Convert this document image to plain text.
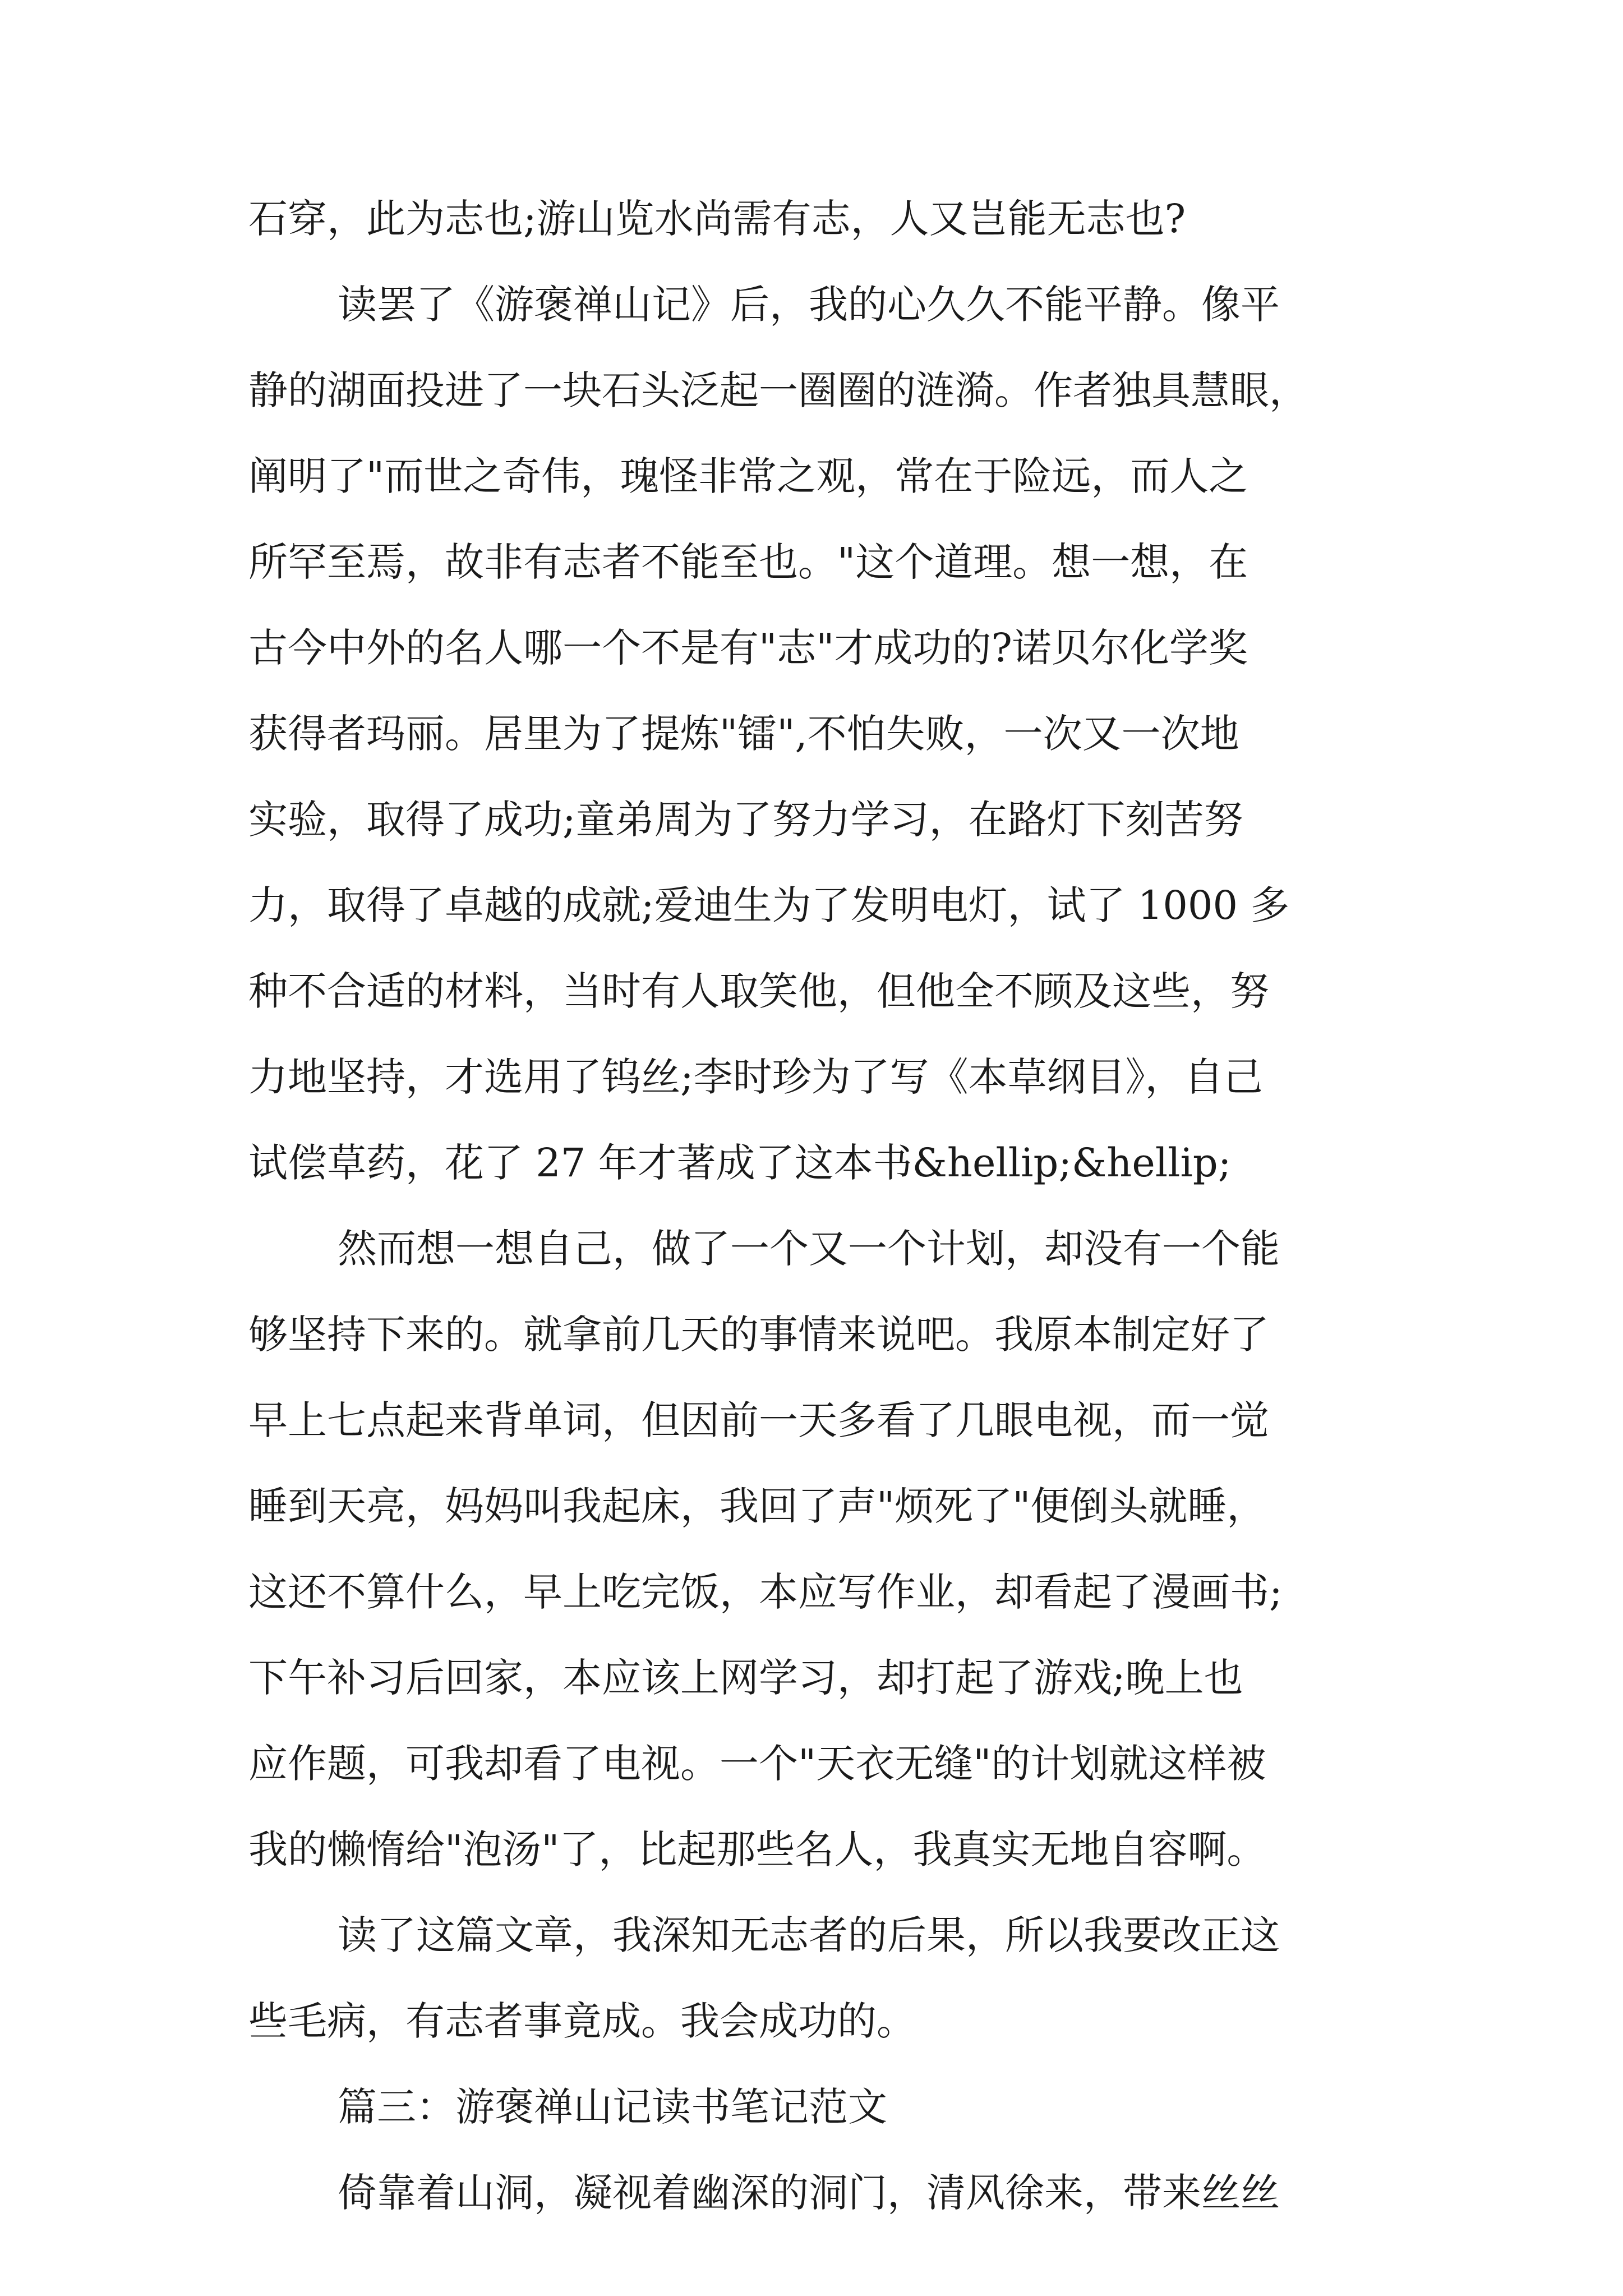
石穿，此为志也;游山览水尚需有志，人又岂能无志也?

读罢了《游褒禅山记》后，我的心久久不能平静。像平

静的湖面投进了一块石头泛起一圈圈的涟漪。作者独具慧眼，

阐明了"而世之奇伟，瑰怪非常之观，常在于险远，而人之

所罕至焉，故非有志者不能至也。"这个道理。想一想，在

古今中外的名人哪一个不是有"志"才成功的?诺贝尔化学奖

获得者玛丽。居里为了提炼"镭",不怕失败，一次又一次地

实验，取得了成功;童弟周为了努力学习，在路灯下刻苦努

力，取得了卓越的成就;爱迪生为了发明电灯，试了 1000 多

种不合适的材料，当时有人取笑他，但他全不顾及这些，努

力地坚持，才选用了钨丝;李时珍为了写《本草纲目》，自己

试偿草药，花了 27 年才著成了这本书&hellip;&hellip;

然而想一想自己，做了一个又一个计划，却没有一个能

够坚持下来的。就拿前几天的事情来说吧。我原本制定好了

早上七点起来背单词，但因前一天多看了几眼电视，而一觉

睡到天亮，妈妈叫我起床，我回了声"烦死了"便倒头就睡，

这还不算什么，早上吃完饭，本应写作业，却看起了漫画书;

下午补习后回家，本应该上网学习，却打起了游戏;晚上也

应作题，可我却看了电视。一个"天衣无缝"的计划就这样被

我的懒惰给"泡汤"了，比起那些名人，我真实无地自容啊。

读了这篇文章，我深知无志者的后果，所以我要改正这

些毛病，有志者事竟成。我会成功的。

篇三：游褒禅山记读书笔记范文

倚靠着山洞，凝视着幽深的洞门，清风徐来，带来丝丝
